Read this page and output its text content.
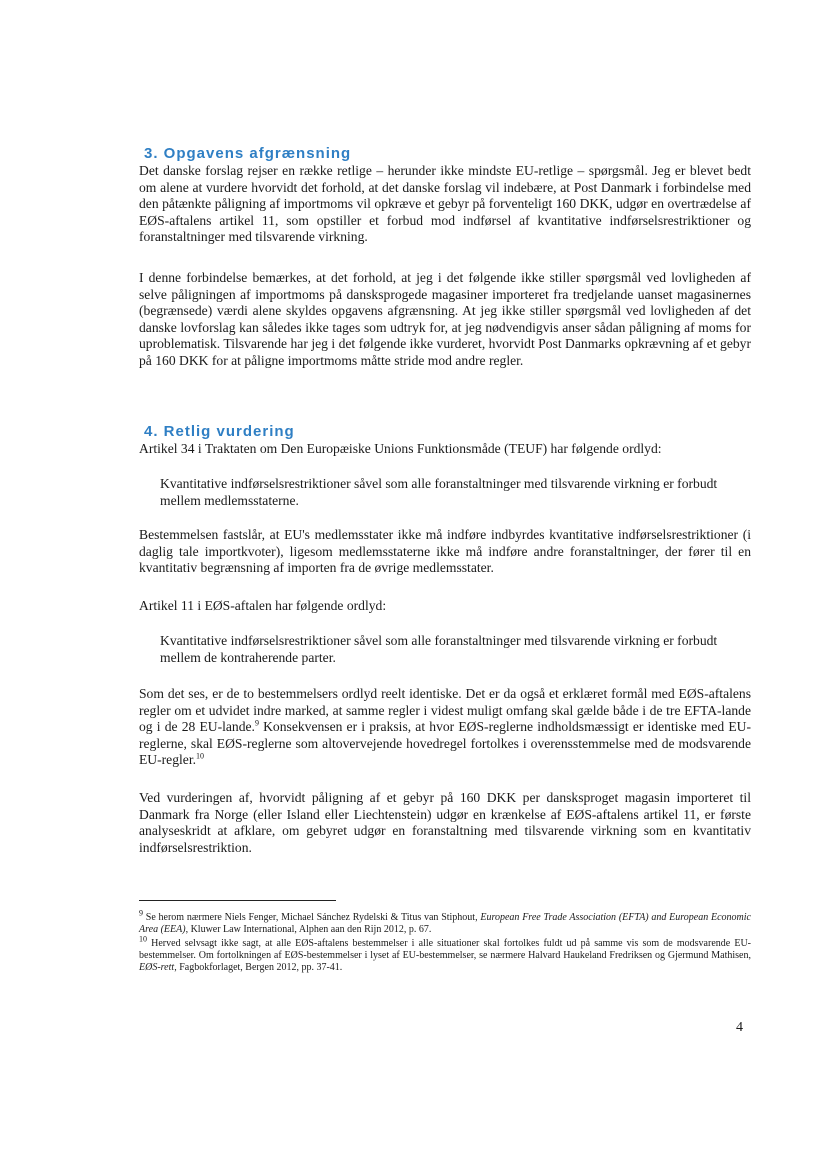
3. Opgavens afgrænsning

Det danske forslag rejser en række retlige – herunder ikke mindste EU-retlige – spørgsmål. Jeg er blevet bedt om alene at vurdere hvorvidt det forhold, at det danske forslag vil indebære, at Post Danmark i forbindelse med den påtænkte påligning af importmoms vil opkræve et gebyr på forventeligt 160 DKK, udgør en overtrædelse af EØS-aftalens artikel 11, som opstiller et forbud mod indførsel af kvantitative indførselsrestriktioner og foranstaltninger med tilsvarende virkning.

I denne forbindelse bemærkes, at det forhold, at jeg i det følgende ikke stiller spørgsmål ved lovligheden af selve påligningen af importmoms på dansksprogede magasiner importeret fra tredjelande uanset magasinernes (begrænsede) værdi alene skyldes opgavens afgrænsning. At jeg ikke stiller spørgsmål ved lovligheden af det danske lovforslag kan således ikke tages som udtryk for, at jeg nødvendigvis anser sådan påligning af moms for uproblematisk. Tilsvarende har jeg i det følgende ikke vurderet, hvorvidt Post Danmarks opkrævning af et gebyr på 160 DKK for at påligne importmoms måtte stride mod andre regler.

4. Retlig vurdering

Artikel 34 i Traktaten om Den Europæiske Unions Funktionsmåde (TEUF) har følgende ordlyd:

Kvantitative indførselsrestriktioner såvel som alle foranstaltninger med tilsvarende virkning er forbudt mellem medlemsstaterne.

Bestemmelsen fastslår, at EU's medlemsstater ikke må indføre indbyrdes kvantitative indførselsrestriktioner (i daglig tale importkvoter), ligesom medlemsstaterne ikke må indføre andre foranstaltninger, der fører til en kvantitativ begrænsning af importen fra de øvrige medlemsstater.

Artikel 11 i EØS-aftalen har følgende ordlyd:

Kvantitative indførselsrestriktioner såvel som alle foranstaltninger med tilsvarende virkning er forbudt mellem de kontraherende parter.

Som det ses, er de to bestemmelsers ordlyd reelt identiske. Det er da også et erklæret formål med EØS-aftalens regler om et udvidet indre marked, at samme regler i videst muligt omfang skal gælde både i de tre EFTA-lande og i de 28 EU-lande.$^9$ Konsekvensen er i praksis, at hvor EØS-reglerne indholdsmæssigt er identiske med EU-reglerne, skal EØS-reglerne som altovervejende hovedregel fortolkes i overensstemmelse med de modsvarende EU-regler.$^{10}$

Ved vurderingen af, hvorvidt påligning af et gebyr på 160 DKK per dansksproget magasin importeret til Danmark fra Norge (eller Island eller Liechtenstein) udgør en krænkelse af EØS-aftalens artikel 11, er første analyseskridt at afklare, om gebyret udgør en foranstaltning med tilsvarende virkning som en kvantitativ indførselsrestriktion.

$^9$ Se herom nærmere Niels Fenger, Michael Sánchez Rydelski & Titus van Stiphout, European Free Trade Association (EFTA) and European Economic Area (EEA), Kluwer Law International, Alphen aan den Rijn 2012, p. 67.

$^{10}$ Herved selvsagt ikke sagt, at alle EØS-aftalens bestemmelser i alle situationer skal fortolkes fuldt ud på samme vis som de modsvarende EU-bestemmelser. Om fortolkningen af EØS-bestemmelser i lyset af EU-bestemmelser, se nærmere Halvard Haukeland Fredriksen og Gjermund Mathisen, EØS-rett, Fagbokforlaget, Bergen 2012, pp. 37-41.

4
